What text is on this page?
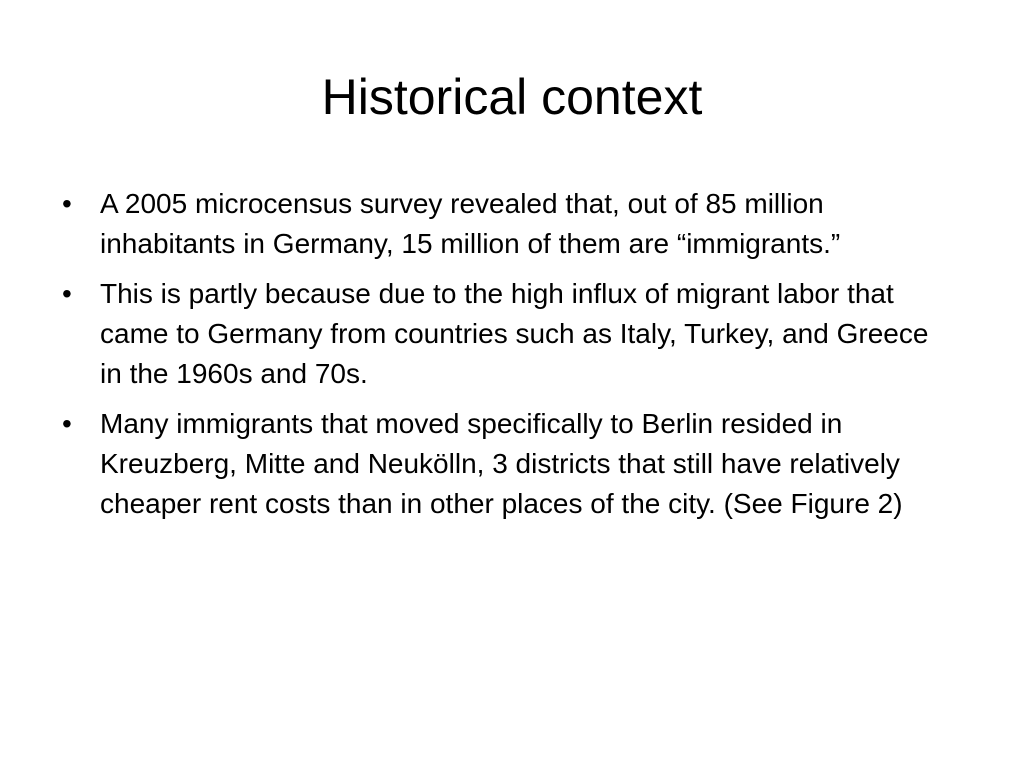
Historical context
• A 2005 microcensus survey revealed that, out of 85 million inhabitants in Germany, 15 million of them are “immigrants.”
• This is partly because due to the high influx of migrant labor that came to Germany from countries such as Italy, Turkey, and Greece in the 1960s and 70s.
• Many immigrants that moved specifically to Berlin resided in Kreuzberg, Mitte and Neukölln, 3 districts that still have relatively cheaper rent costs than in other places of the city. (See Figure 2)
